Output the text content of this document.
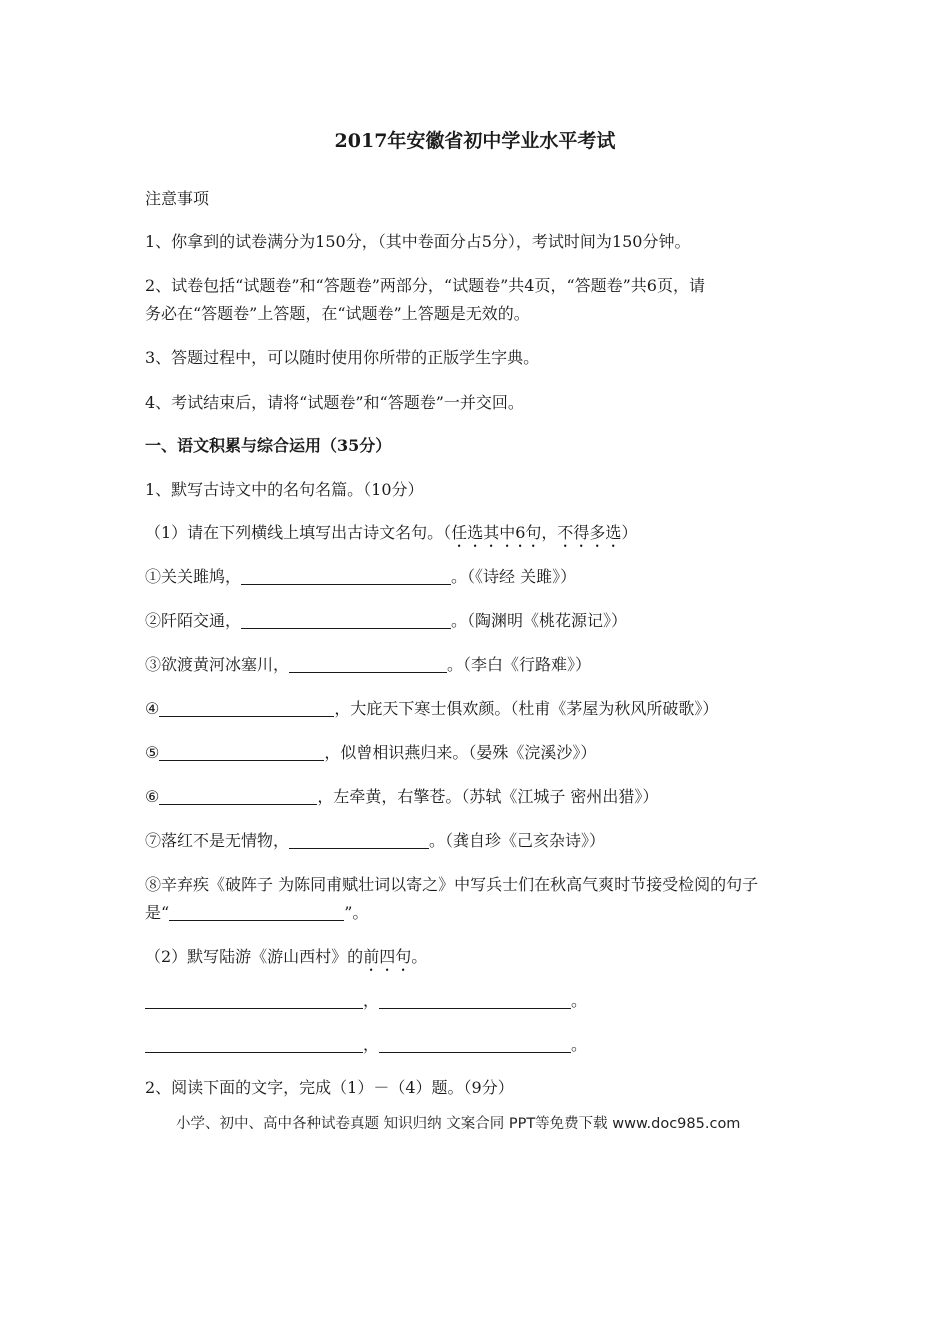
2017年安徽省初中学业水平考试
注意事项
1、你拿到的试卷满分为150分，（其中卷面分占5分），考试时间为150分钟。
2、试卷包括“试题卷”和“答题卷”两部分，“试题卷”共4页，“答题卷”共6页，请
务必在“答题卷”上答题，在“试题卷”上答题是无效的。
3、答题过程中，可以随时使用你所带的正版学生字典。
4、考试结束后，请将“试题卷”和“答题卷”一并交回。
一、语文积累与综合运用（35分）
1、默写古诗文中的名句名篇。（10分）
（1）请在下列横线上填写出古诗文名句。（任选其中6句，不得多选）
①关关雎鸠，	。（《诗经 关雎》）
②阡陌交通，	。（陶渊明《桃花源记》）
③欲渡黄河冰塞川，	。（李白《行路难》）
④	，大庇天下寒士俱欢颜。（杜甫《茅屋为秋风所破歌》）
⑤	，似曾相识燕归来。（晏殊《浣溪沙》）
⑥	，左牵黄，右擎苍。（苏轼《江城子 密州出猎》）
⑦落红不是无情物，	。（龚自珍《己亥杂诗》）
⑧辛弃疾《破阵子 为陈同甫赋壮词以寄之》中写兵士们在秋高气爽时节接受检阅的句子
是“	”。
（2）默写陆游《游山西村》的前四句。
，	。
，	。
2、阅读下面的文字，完成（1）－（4）题。（9分）
小学、初中、高中各种试卷真题 知识归纳 文案合同 PPT等免费下载 www.doc985.com
